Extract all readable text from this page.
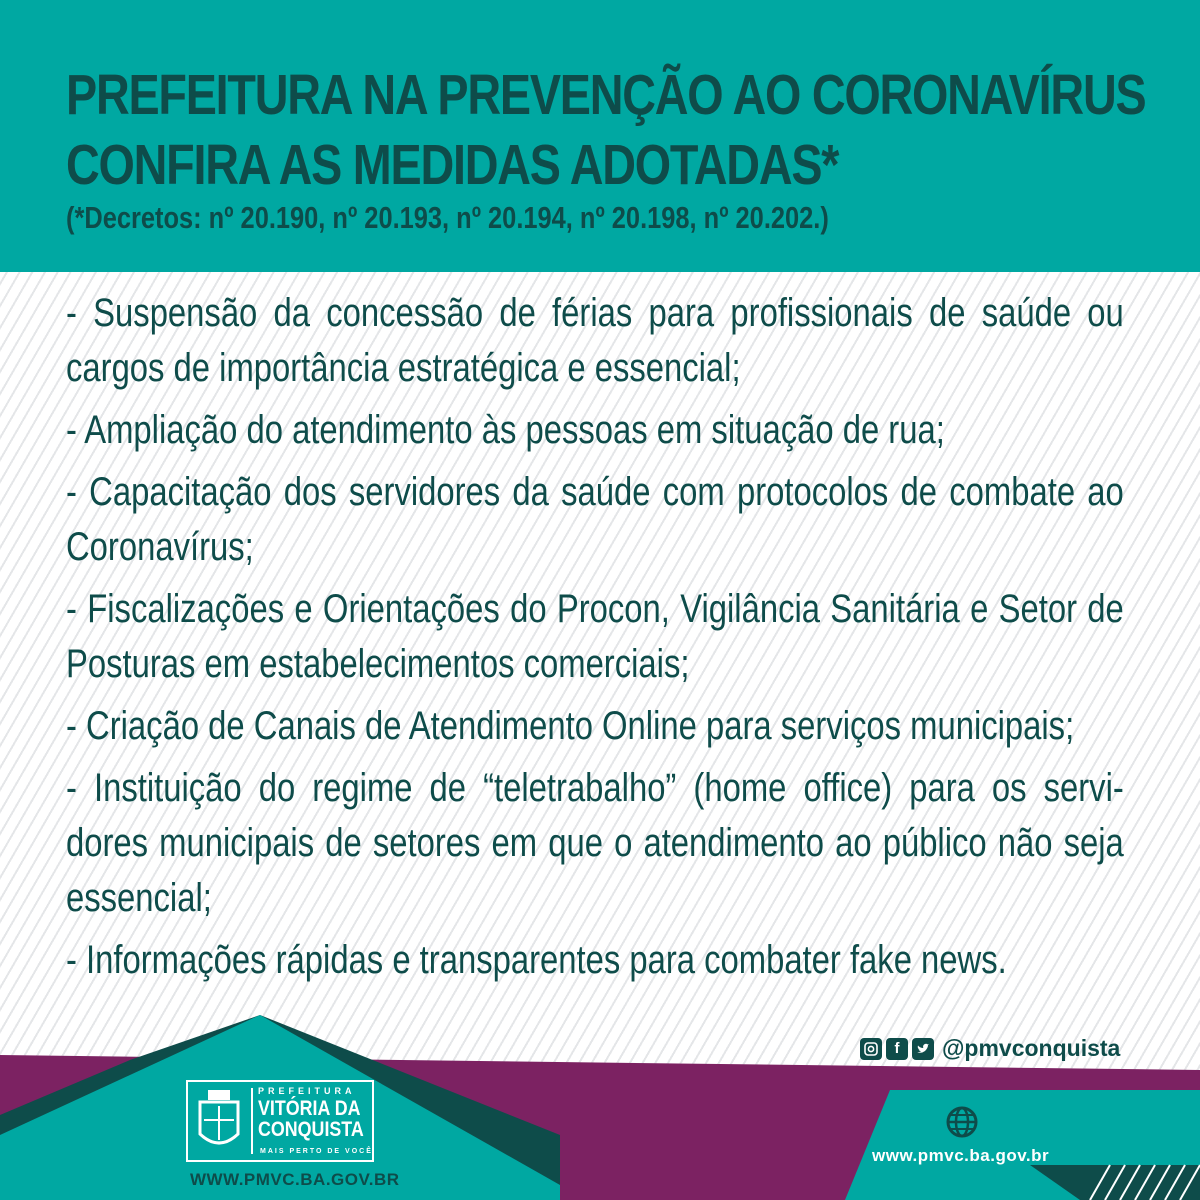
PREFEITURA NA PREVENÇÃO AO CORONAVÍRUS
CONFIRA AS MEDIDAS ADOTADAS*
(*Decretos: nº 20.190, nº 20.193, nº 20.194, nº 20.198, nº 20.202.)

- Suspensão da concessão de férias para profissionais de saúde ou cargos de importância estratégica e essencial;

- Ampliação do atendimento às pessoas em situação de rua;

- Capacitação dos servidores da saúde com protocolos de combate ao Coronavírus;

- Fiscalizações e Orientações do Procon, Vigilância Sanitária e Setor de Posturas em estabelecimentos comerciais;

- Criação de Canais de Atendimento Online para serviços municipais;

- Instituição do regime de “teletrabalho” (home office) para os servi-dores municipais de setores em que o atendimento ao público não seja essencial;

- Informações rápidas e transparentes para combater fake news.

PREFEITURA
VITÓRIA DA
CONQUISTA
MAIS PERTO DE VOCÊ
WWW.PMVC.BA.GOV.BR
f	@pmvconquista
www.pmvc.ba.gov.br
